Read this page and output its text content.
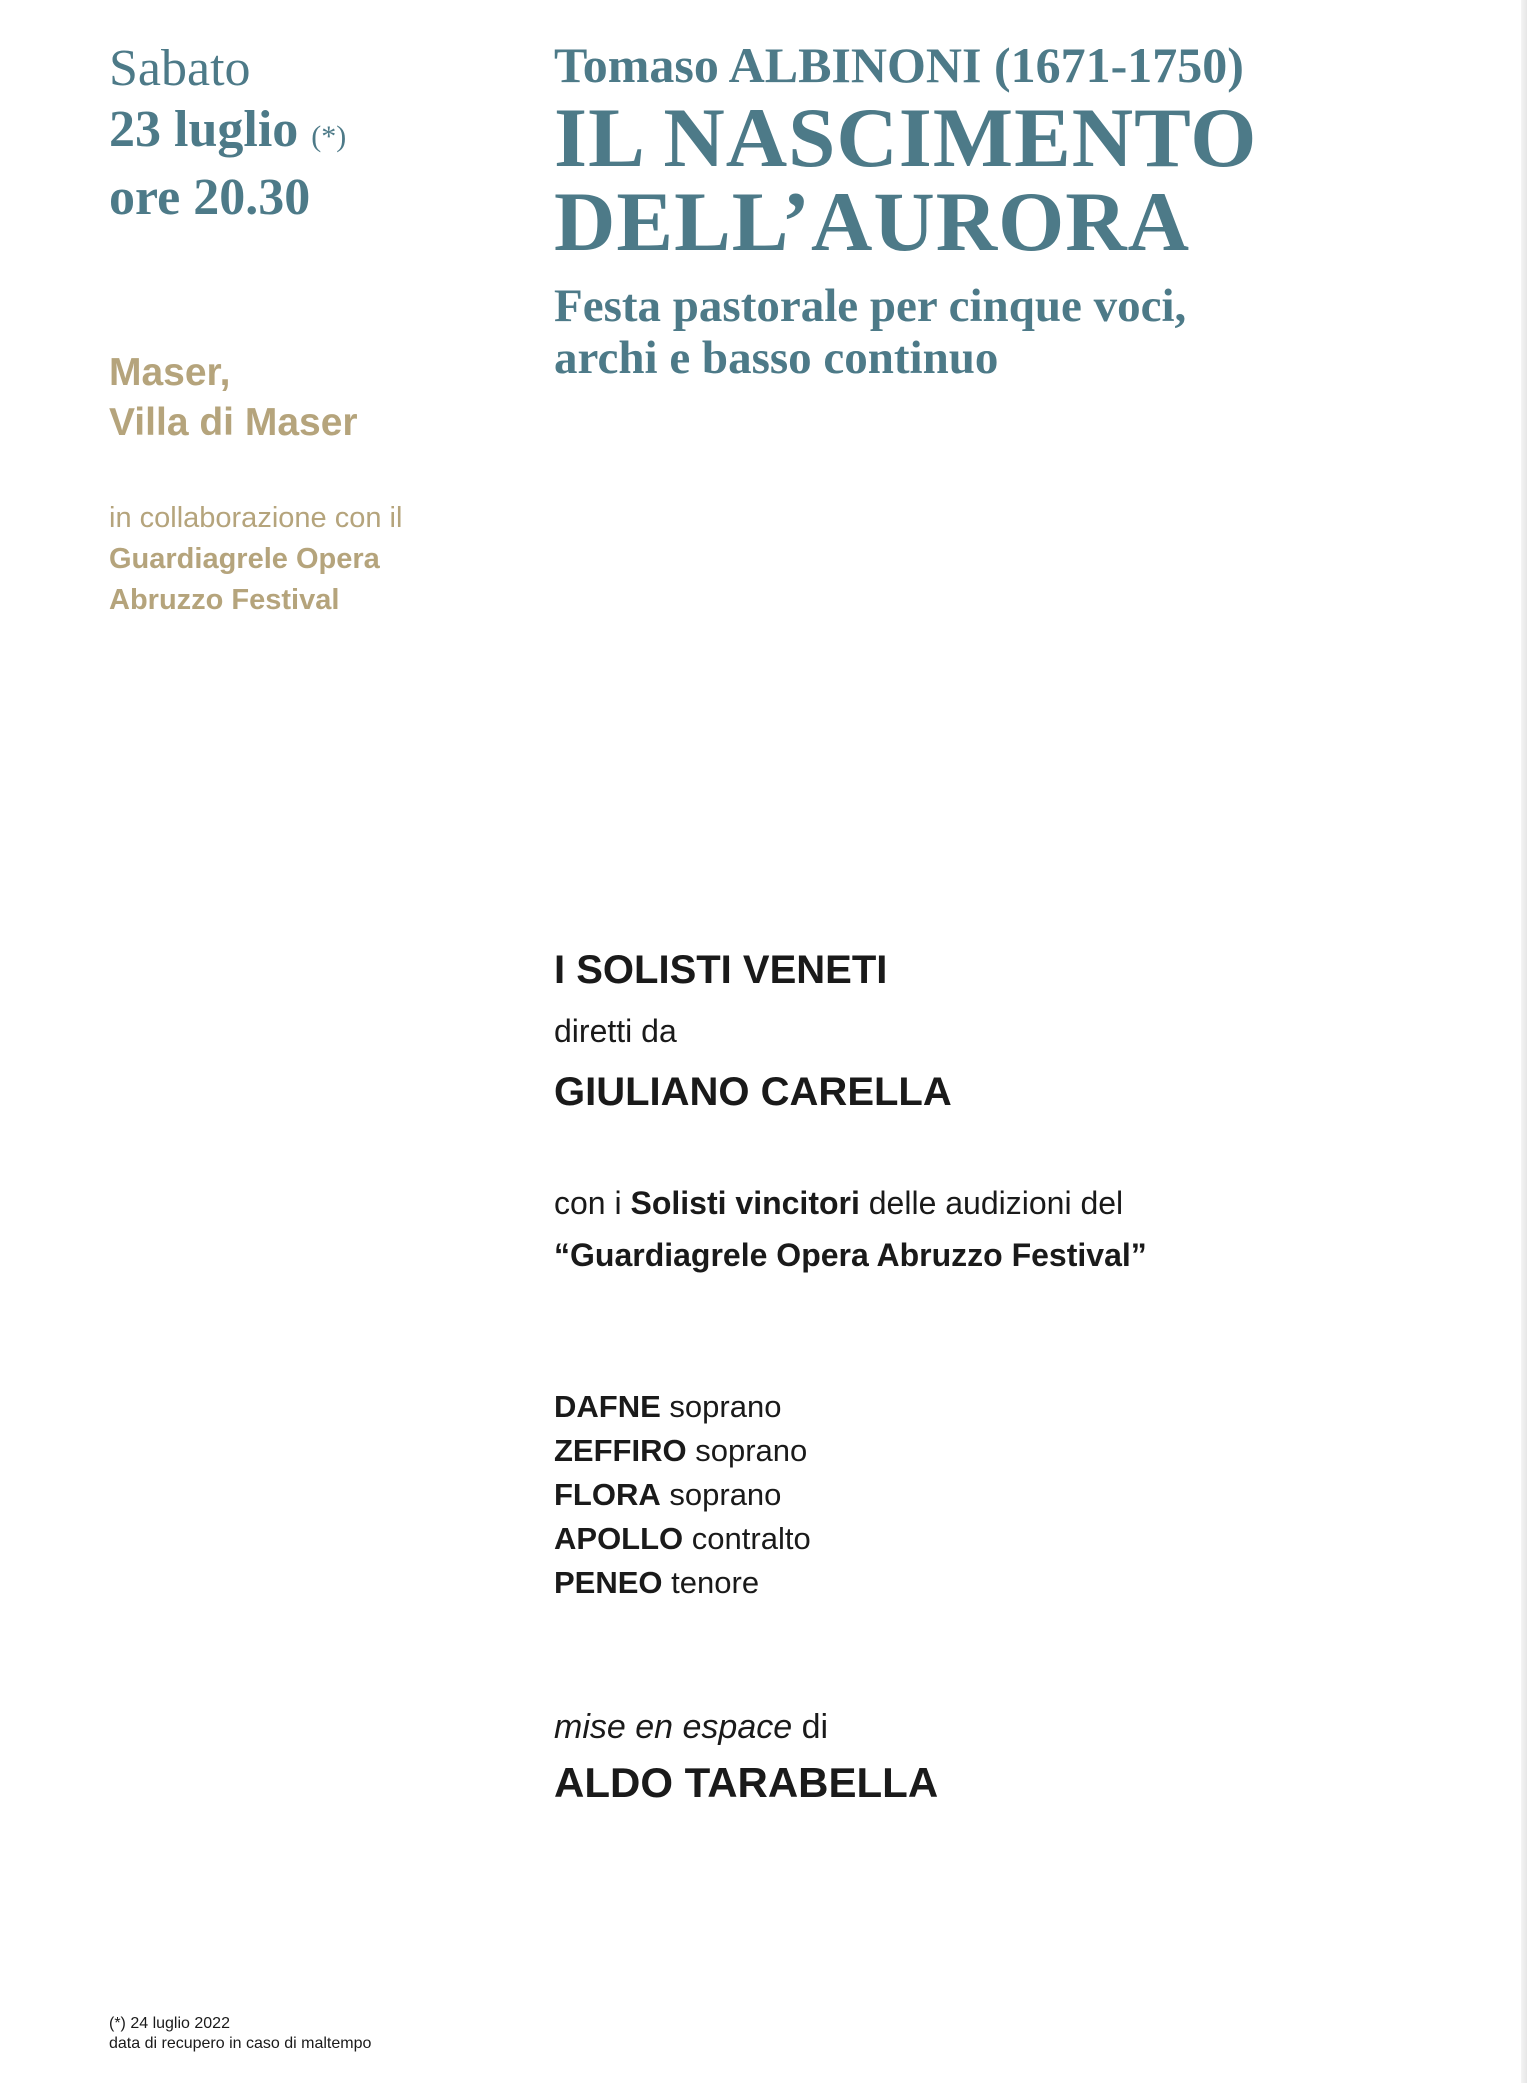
Sabato
23 luglio (*)
ore 20.30
Maser,
Villa di Maser
in collaborazione con il
Guardiagrele Opera
Abruzzo Festival
Tomaso ALBINONI (1671-1750)
IL NASCIMENTO
DELL’AURORA
Festa pastorale per cinque voci,
archi e basso continuo
I SOLISTI VENETI
diretti da
GIULIANO CARELLA
con i Solisti vincitori delle audizioni del
“Guardiagrele Opera Abruzzo Festival”
DAFNE soprano
ZEFFIRO soprano
FLORA soprano
APOLLO contralto
PENEO tenore
mise en espace di
ALDO TARABELLA
(*) 24 luglio 2022
data di recupero in caso di maltempo
